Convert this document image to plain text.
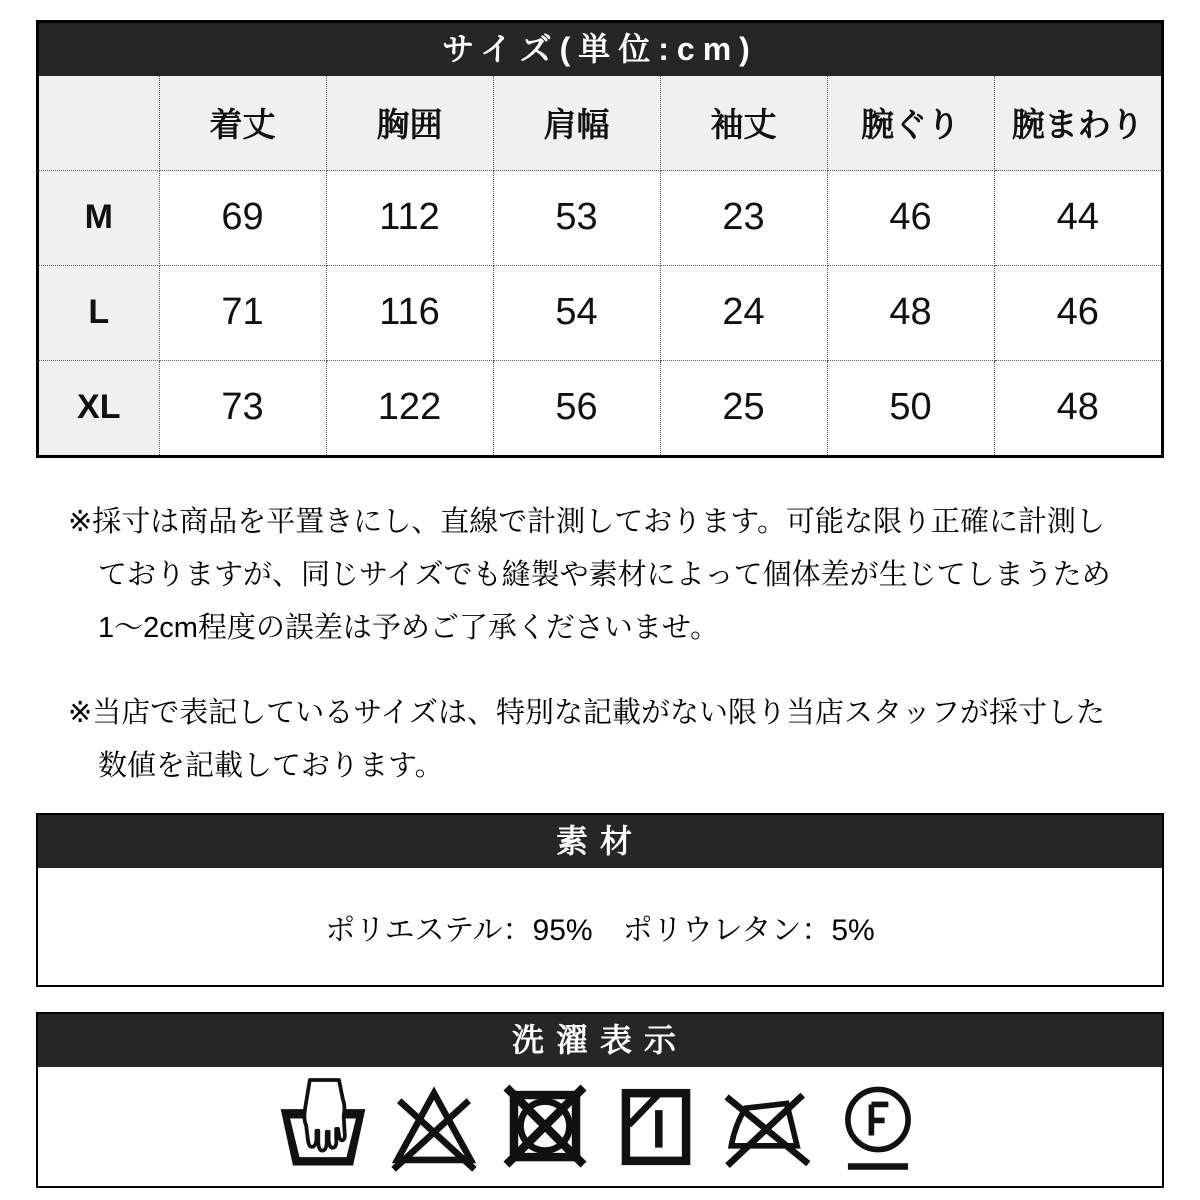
サイズ(単位:cm)
	着丈	胸囲	肩幅	袖丈	腕ぐり	腕まわり
M	69	112	53	23	46	44
L	71	116	54	24	48	46
XL	73	122	56	25	50	48
※採寸は商品を平置きにし、直線で計測しております。可能な限り正確に計測し
ておりますが、同じサイズでも縫製や素材によって個体差が生じてしまうため
1〜2cm程度の誤差は予めご了承くださいませ。
※当店で表記しているサイズは、特別な記載がない限り当店スタッフが採寸した
数値を記載しております。
素材
ポリエステル：95%　ポリウレタン：5%
洗濯表示
